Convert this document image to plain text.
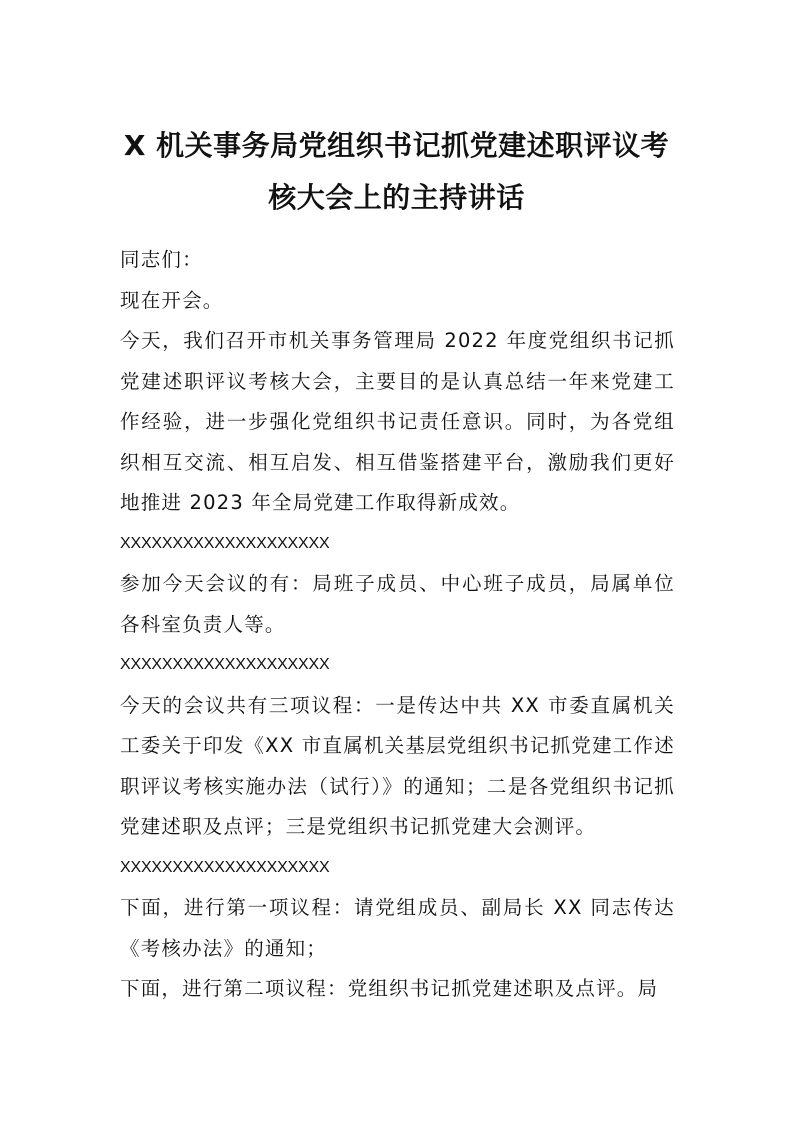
X 机关事务局党组织书记抓党建述职评议考
核大会上的主持讲话

同志们：

现在开会。

今天，我们召开市机关事务管理局 2022 年度党组织书记抓党建述职评议考核大会，主要目的是认真总结一年来党建工作经验，进一步强化党组织书记责任意识。同时，为各党组织相互交流、相互启发、相互借鉴搭建平台，激励我们更好地推进 2023 年全局党建工作取得新成效。

XXXXXXXXXXXXXXXXXXXX

参加今天会议的有：局班子成员、中心班子成员，局属单位各科室负责人等。

XXXXXXXXXXXXXXXXXXXX

今天的会议共有三项议程：一是传达中共 XX 市委直属机关工委关于印发《XX 市直属机关基层党组织书记抓党建工作述职评议考核实施办法（试行）》的通知；二是各党组织书记抓党建述职及点评；三是党组织书记抓党建大会测评。

XXXXXXXXXXXXXXXXXXXX

下面，进行第一项议程：请党组成员、副局长 XX 同志传达《考核办法》的通知；

下面，进行第二项议程：党组织书记抓党建述职及点评。局
